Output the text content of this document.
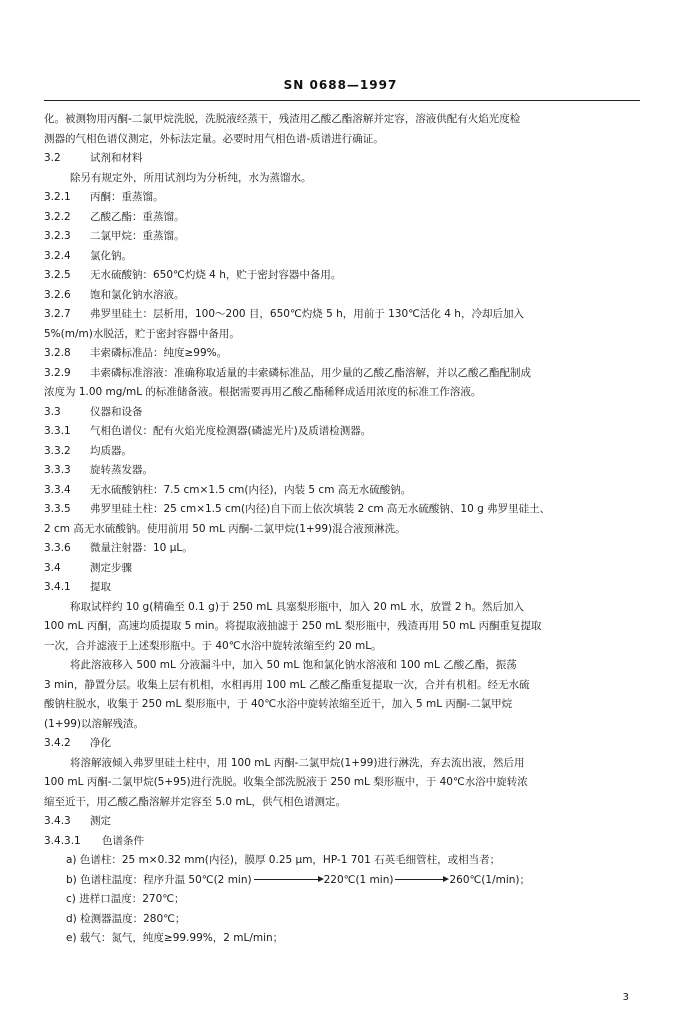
SN 0688—1997
化。被测物用丙酮-二氯甲烷洗脱，洗脱液经蒸干，残渣用乙酸乙酯溶解并定容，溶液供配有火焰光度检
测器的气相色谱仪测定，外标法定量。必要时用气相色谱-质谱进行确证。
3.2	试剂和材料
除另有规定外，所用试剂均为分析纯，水为蒸馏水。
3.2.1 丙酮：重蒸馏。
3.2.2 乙酸乙酯：重蒸馏。
3.2.3 二氯甲烷：重蒸馏。
3.2.4 氯化钠。
3.2.5 无水硫酸钠：650℃灼烧 4 h，贮于密封容器中备用。
3.2.6 饱和氯化钠水溶液。
3.2.7 弗罗里硅土：层析用，100～200 目，650℃灼烧 5 h，用前于 130℃活化 4 h，冷却后加入
5%(m/m)水脱活，贮于密封容器中备用。
3.2.8 丰索磷标准品：纯度≥99%。
3.2.9 丰索磷标准溶液：准确称取适量的丰索磷标准品，用少量的乙酸乙酯溶解，并以乙酸乙酯配制成
浓度为 1.00 mg/mL 的标准储备液。根据需要再用乙酸乙酯稀释成适用浓度的标准工作溶液。
3.3	仪器和设备
3.3.1 气相色谱仪：配有火焰光度检测器(磷滤光片)及质谱检测器。
3.3.2 均质器。
3.3.3 旋转蒸发器。
3.3.4 无水硫酸钠柱：7.5 cm×1.5 cm(内径)，内装 5 cm 高无水硫酸钠。
3.3.5 弗罗里硅土柱：25 cm×1.5 cm(内径)自下而上依次填装 2 cm 高无水硫酸钠、10 g 弗罗里硅土、
2 cm 高无水硫酸钠。使用前用 50 mL 丙酮-二氯甲烷(1+99)混合液预淋洗。
3.3.6 微量注射器：10 μL。
3.4	测定步骤
3.4.1 提取
称取试样约 10 g(精确至 0.1 g)于 250 mL 具塞梨形瓶中，加入 20 mL 水，放置 2 h。然后加入
100 mL 丙酮，高速均质提取 5 min。将提取液抽滤于 250 mL 梨形瓶中，残渣再用 50 mL 丙酮重复提取
一次，合并滤液于上述梨形瓶中。于 40℃水浴中旋转浓缩至约 20 mL。
将此溶液移入 500 mL 分液漏斗中，加入 50 mL 饱和氯化钠水溶液和 100 mL 乙酸乙酯，振荡
3 min，静置分层。收集上层有机相，水相再用 100 mL 乙酸乙酯重复提取一次，合并有机相。经无水硫
酸钠柱脱水，收集于 250 mL 梨形瓶中，于 40℃水浴中旋转浓缩至近干，加入 5 mL 丙酮-二氯甲烷
(1+99)以溶解残渣。
3.4.2 净化
将溶解液倾入弗罗里硅土柱中，用 100 mL 丙酮-二氯甲烷(1+99)进行淋洗，弃去流出液，然后用
100 mL 丙酮-二氯甲烷(5+95)进行洗脱。收集全部洗脱液于 250 mL 梨形瓶中，于 40℃水浴中旋转浓
缩至近干，用乙酸乙酯溶解并定容至 5.0 mL，供气相色谱测定。
3.4.3 测定
3.4.3.1 色谱条件
a) 色谱柱：25 m×0.32 mm(内径)，膜厚 0.25 μm，HP-1 701 石英毛细管柱，或相当者；
b) 色谱柱温度：程序升温 50℃(2 min)	220℃(1 min)	260℃(1/min)；
c) 进样口温度：270℃；
d) 检测器温度：280℃；
e) 载气：氮气，纯度≥99.99%，2 mL/min；
3
